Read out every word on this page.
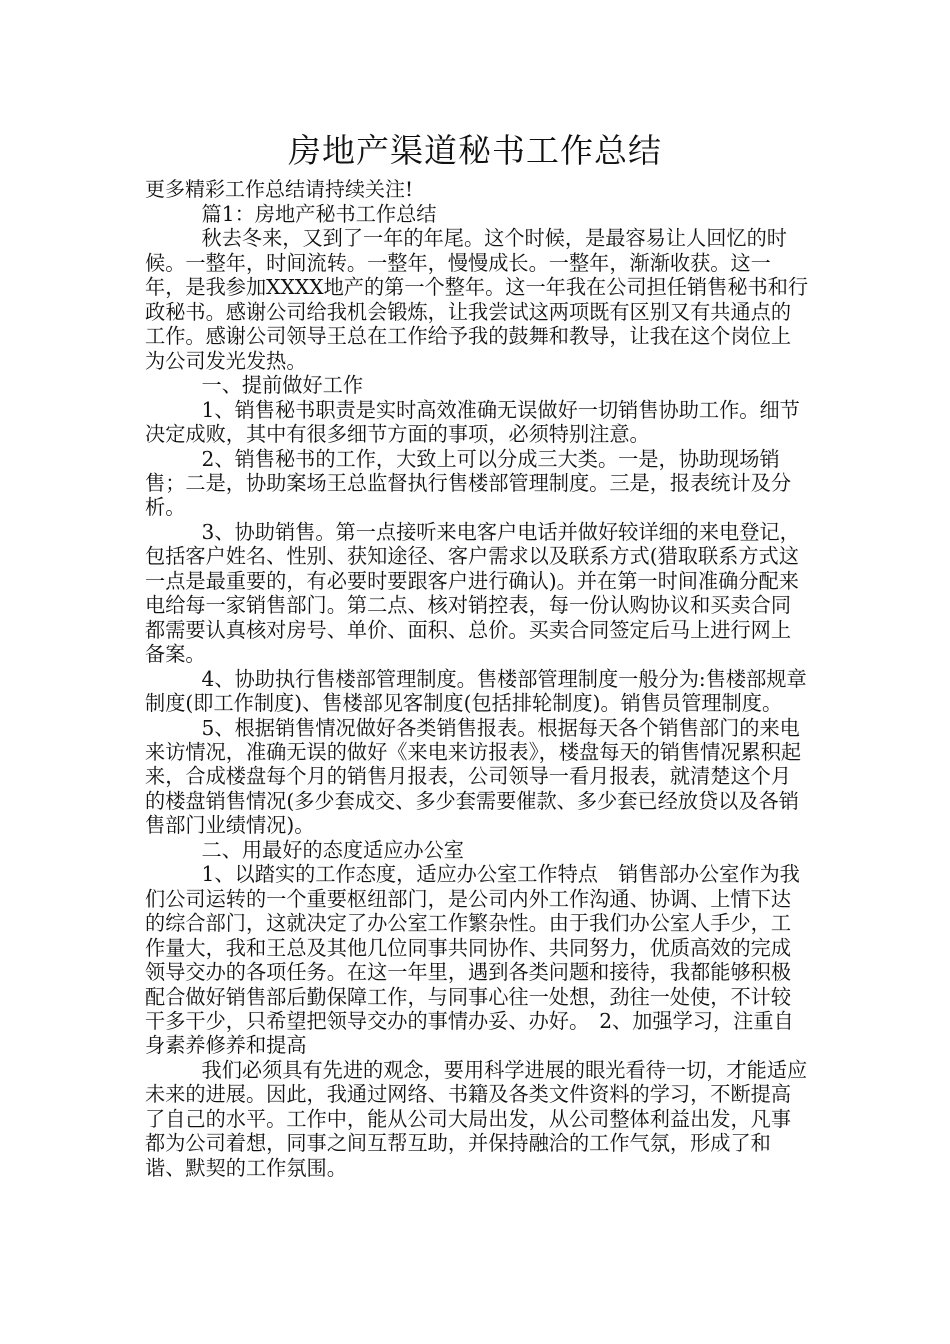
房地产渠道秘书工作总结
更多精彩工作总结请持续关注!

篇1：房地产秘书工作总结

秋去冬来，又到了一年的年尾。这个时候，是最容易让人回忆的时候。一整年，时间流转。一整年，慢慢成长。一整年，渐渐收获。这一年，是我参加XXXX地产的第一个整年。这一年我在公司担任销售秘书和行政秘书。感谢公司给我机会锻炼，让我尝试这两项既有区别又有共通点的工作。感谢公司领导王总在工作给予我的鼓舞和教导，让我在这个岗位上为公司发光发热。

一、提前做好工作

1、销售秘书职责是实时高效准确无误做好一切销售协助工作。细节决定成败，其中有很多细节方面的事项，必须特别注意。

2、销售秘书的工作，大致上可以分成三大类。一是，协助现场销售；二是，协助案场王总监督执行售楼部管理制度。三是，报表统计及分析。

3、协助销售。第一点接听来电客户电话并做好较详细的来电登记，包括客户姓名、性别、获知途径、客户需求以及联系方式(猎取联系方式这一点是最重要的，有必要时要跟客户进行确认)。并在第一时间准确分配来电给每一家销售部门。第二点、核对销控表，每一份认购协议和买卖合同都需要认真核对房号、单价、面积、总价。买卖合同签定后马上进行网上备案。

4、协助执行售楼部管理制度。售楼部管理制度一般分为:售楼部规章制度(即工作制度)、售楼部见客制度(包括排轮制度)。销售员管理制度。

5、根据销售情况做好各类销售报表。根据每天各个销售部门的来电来访情况，准确无误的做好《来电来访报表》，楼盘每天的销售情况累积起来，合成楼盘每个月的销售月报表，公司领导一看月报表，就清楚这个月的楼盘销售情况(多少套成交、多少套需要催款、多少套已经放贷以及各销售部门业绩情况)。

二、用最好的态度适应办公室

1、以踏实的工作态度，适应办公室工作特点　销售部办公室作为我们公司运转的一个重要枢纽部门，是公司内外工作沟通、协调、上情下达的综合部门，这就决定了办公室工作繁杂性。由于我们办公室人手少，工作量大，我和王总及其他几位同事共同协作、共同努力，优质高效的完成领导交办的各项任务。在这一年里，遇到各类问题和接待，我都能够积极配合做好销售部后勤保障工作，与同事心往一处想，劲往一处使，不计较干多干少，只希望把领导交办的事情办妥、办好。　2、加强学习，注重自身素养修养和提高

我们必须具有先进的观念，要用科学进展的眼光看待一切，才能适应未来的进展。因此，我通过网络、书籍及各类文件资料的学习，不断提高了自己的水平。工作中，能从公司大局出发，从公司整体利益出发，凡事都为公司着想，同事之间互帮互助，并保持融洽的工作气氛，形成了和谐、默契的工作氛围。
